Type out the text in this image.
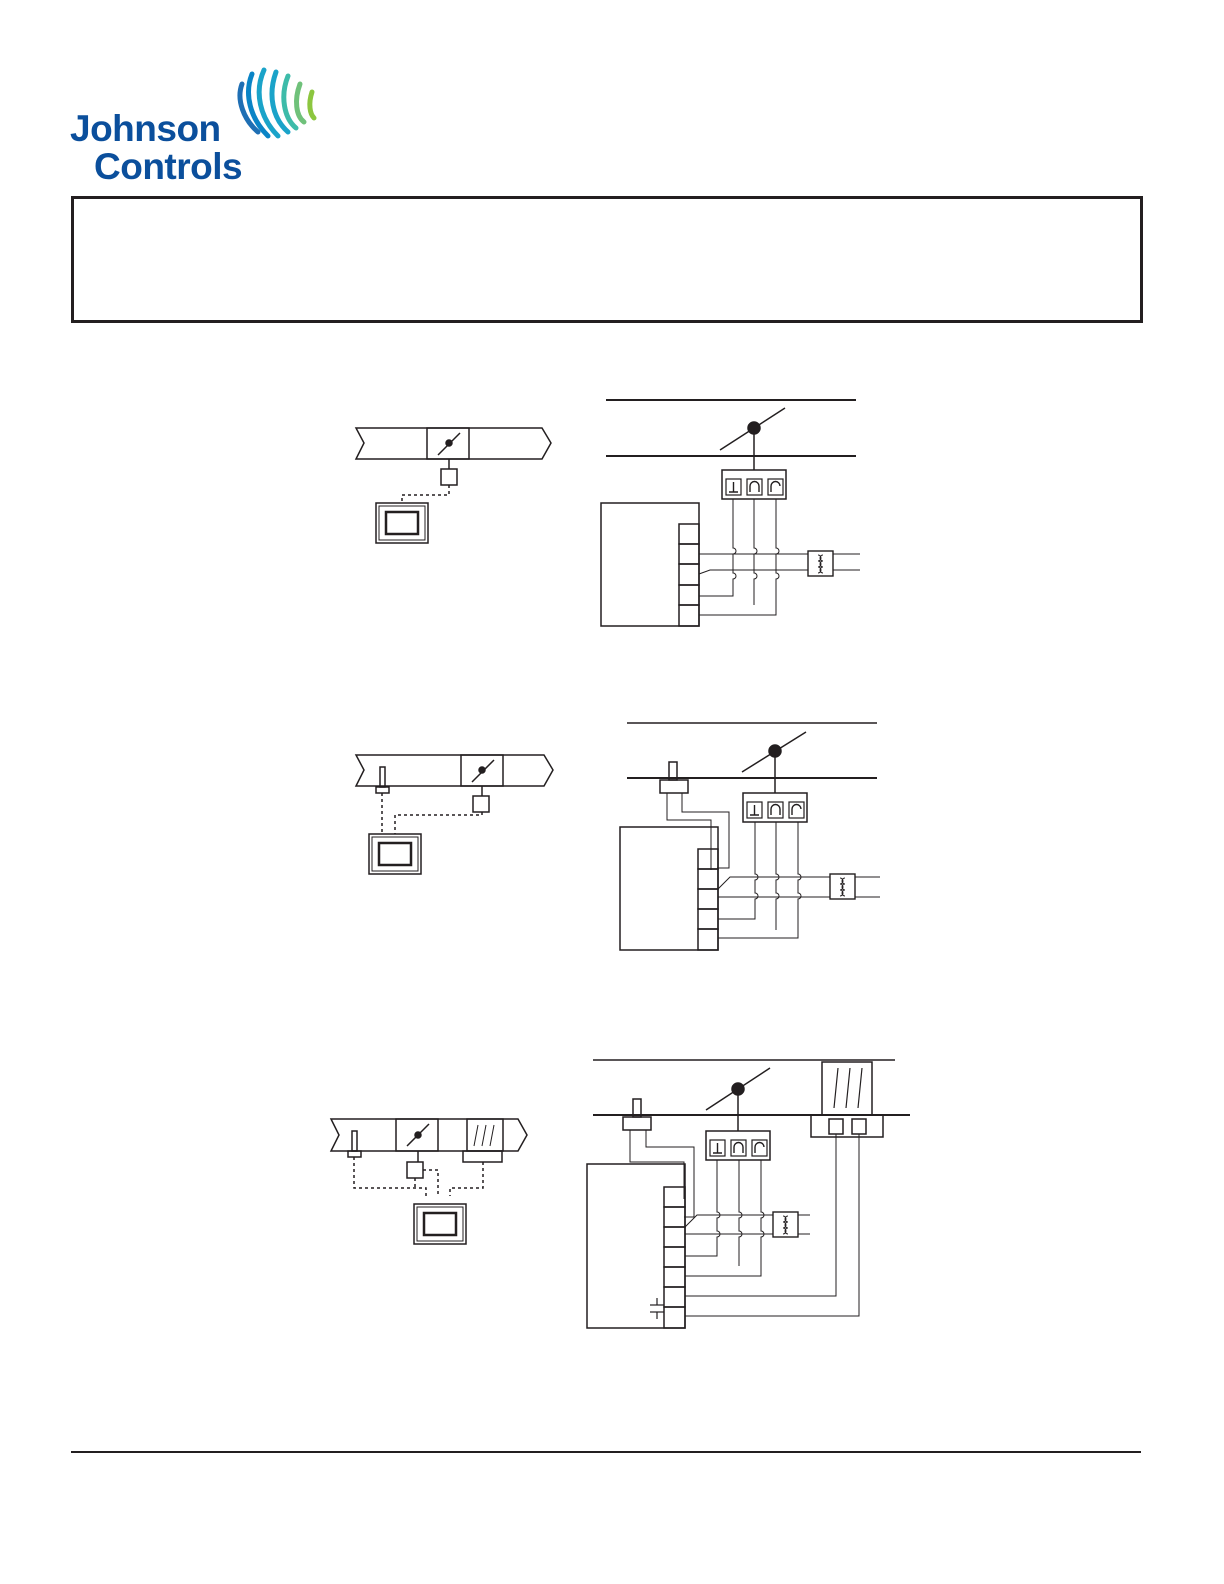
Johnson
Controls
